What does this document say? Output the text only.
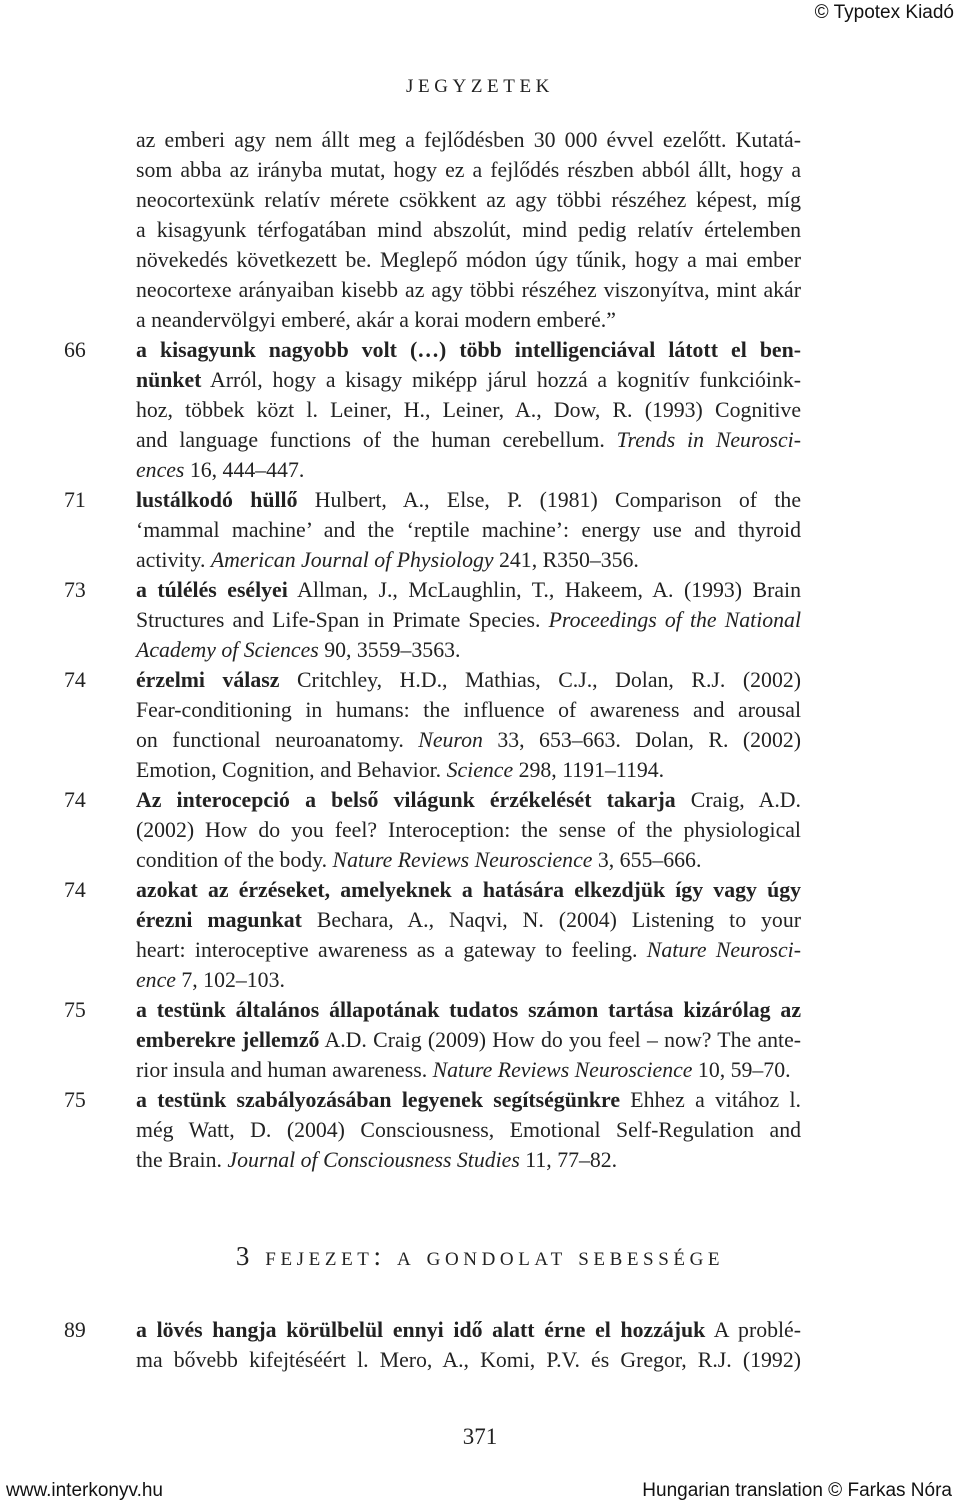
© Typotex Kiadó
jegyzetek
az emberi agy nem állt meg a fejlődésben 30 000 évvel ezelőtt. Kutatá-
som abba az irányba mutat, hogy ez a fejlődés részben abból állt, hogy a
neocortexünk relatív mérete csökkent az agy többi részéhez képest, míg
a kisagyunk térfogatában mind abszolút, mind pedig relatív értelemben
növekedés következett be. Meglepő módon úgy tűnik, hogy a mai ember
neocortexe arányaiban kisebb az agy többi részéhez viszonyítva, mint akár
a neandervölgyi emberé, akár a korai modern emberé.”
66 a kisagyunk nagyobb volt (…) több intelligenciával látott el ben-
nünket Arról, hogy a kisagy miképp járul hozzá a kognitív funkcióink-
hoz, többek közt l. Leiner, H., Leiner, A., Dow, R. (1993) Cognitive
and language functions of the human cerebellum. Trends in Neurosci-
ences 16, 444–447.
71 lustálkodó hüllő Hulbert, A., Else, P. (1981) Comparison of the
‘mammal machine’ and the ‘reptile machine’: energy use and thyroid
activity. American Journal of Physiology 241, R350–356.
73 a túlélés esélyei Allman, J., McLaughlin, T., Hakeem, A. (1993) Brain
Structures and Life-Span in Primate Species. Proceedings of the National
Academy of Sciences 90, 3559–3563.
74 érzelmi válasz Critchley, H.D., Mathias, C.J., Dolan, R.J. (2002)
Fear-conditioning in humans: the influence of awareness and arousal
on functional neuroanatomy. Neuron 33, 653–663. Dolan, R. (2002)
Emotion, Cognition, and Behavior. Science 298, 1191–1194.
74 Az interocepció a belső világunk érzékelését takarja Craig, A.D.
(2002) How do you feel? Interoception: the sense of the physiological
condition of the body. Nature Reviews Neuroscience 3, 655–666.
74 azokat az érzéseket, amelyeknek a hatására elkezdjük így vagy úgy
érezni magunkat Bechara, A., Naqvi, N. (2004) Listening to your
heart: interoceptive awareness as a gateway to feeling. Nature Neurosci-
ence 7, 102–103.
75 a testünk általános állapotának tudatos számon tartása kizárólag az
emberekre jellemző A.D. Craig (2009) How do you feel – now? The ante-
rior insula and human awareness. Nature Reviews Neuroscience 10, 59–70.
75 a testünk szabályozásában legyenek segítségünkre Ehhez a vitához l.
még Watt, D. (2004) Consciousness, Emotional Self-Regulation and
the Brain. Journal of Consciousness Studies 11, 77–82.
3 fejezet: a gondolat sebessége
89 a lövés hangja körülbelül ennyi idő alatt érne el hozzájuk A problé-
ma bővebb kifejtéséért l. Mero, A., Komi, P.V. és Gregor, R.J. (1992)
371
www.interkonyv.hu	Hungarian translation © Farkas Nóra
